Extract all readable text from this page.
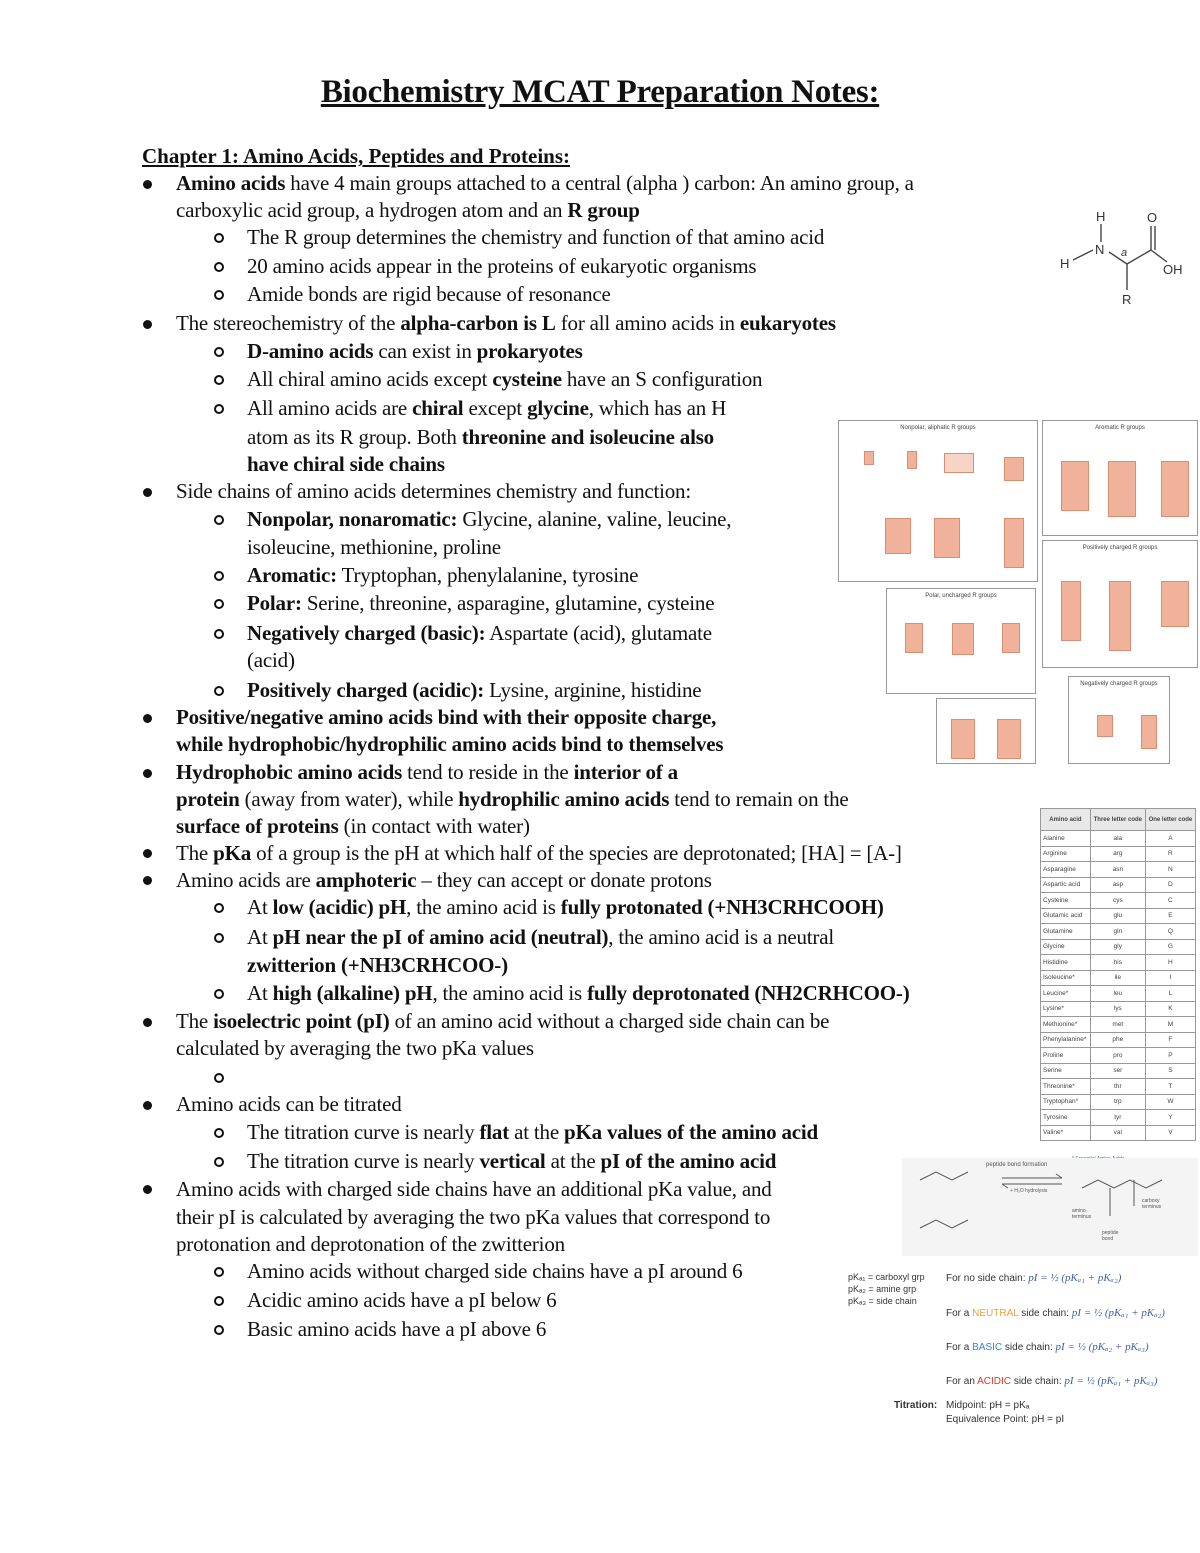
Biochemistry MCAT Preparation Notes:
Chapter 1: Amino Acids, Peptides and Proteins:
Amino acids have 4 main groups attached to a central (alpha ) carbon: An amino group, a
carboxylic acid group, a hydrogen atom and an R group
The R group determines the chemistry and function of that amino acid
20 amino acids appear in the proteins of eukaryotic organisms
Amide bonds are rigid because of resonance
The stereochemistry of the alpha-carbon is L for all amino acids in eukaryotes
D-amino acids can exist in prokaryotes
All chiral amino acids except cysteine have an S configuration
All amino acids are chiral except glycine, which has an H
atom as its R group. Both threonine and isoleucine also
have chiral side chains
Side chains of amino acids determines chemistry and function:
Nonpolar, nonaromatic: Glycine, alanine, valine, leucine,
isoleucine, methionine, proline
Aromatic: Tryptophan, phenylalanine, tyrosine
Polar: Serine, threonine, asparagine, glutamine, cysteine
Negatively charged (basic): Aspartate (acid), glutamate
(acid)
Positively charged (acidic): Lysine, arginine, histidine
Positive/negative amino acids bind with their opposite charge,
while hydrophobic/hydrophilic amino acids bind to themselves
Hydrophobic amino acids tend to reside in the interior of a
protein (away from water), while hydrophilic amino acids tend to remain on the
surface of proteins (in contact with water)
The pKa of a group is the pH at which half of the species are deprotonated; [HA] = [A-]
Amino acids are amphoteric – they can accept or donate protons
At low (acidic) pH, the amino acid is fully protonated (+NH3CRHCOOH)
At pH near the pI of amino acid (neutral), the amino acid is a neutral
zwitterion (+NH3CRHCOO-)
At high (alkaline) pH, the amino acid is fully deprotonated (NH2CRHCOO-)
The isoelectric point (pI) of an amino acid without a charged side chain can be
calculated by averaging the two pKa values
Amino acids can be titrated
The titration curve is nearly flat at the pKa values of the amino acid
The titration curve is nearly vertical at the pI of the amino acid
Amino acids with charged side chains have an additional pKa value, and
their pI is calculated by averaging the two pKa values that correspond to
protonation and deprotonation of the zwitterion
Amino acids without charged side chains have a pI around 6
Acidic amino acids have a pI below 6
Basic amino acids have a pI above 6
H
N
H
a
O
OH
R
Nonpolar, aliphatic R groups	Aromatic R groups
Polar, uncharged R groups
Positively charged R groups
Negatively charged R groups
Amino acid	Three letter code	One letter code
Alanine	ala	A
Arginine	arg	R
Asparagine	asn	N
Aspartic acid	asp	D
Cysteine	cys	C
Glutamic acid	glu	E
Glutamine	gln	Q
Glycine	gly	G
Histidine	his	H
Isoleucine*	ile	I
Leucine*	leu	L
Lysine*	lys	K
Methionine*	met	M
Phenylalanine*	phe	F
Proline	pro	P
Serine	ser	S
Threonine*	thr	T
Tryptophan*	trp	W
Tyrosine	tyr	Y
Valine*	val	V
peptide bond formation
+ H₂O hydrolysis
amino terminus
carboxy terminus
peptide bond
pKₐ₁ = carboxyl grp
pKₐ₂ = amine grp
pKₐ₃ = side chain
For no side chain: pI = ½ (pKₐ₁ + pKₐ₂)
For a NEUTRAL side chain: pI = ½ (pKₐ₁ + pKₐ₂)
For a BASIC side chain: pI = ½ (pKₐ₂ + pKₐ₃)
For an ACIDIC side chain: pI = ½ (pKₐ₁ + pKₐ₃)
Titration: Midpoint: pH = pKₐ
Equivalence Point: pH = pI
